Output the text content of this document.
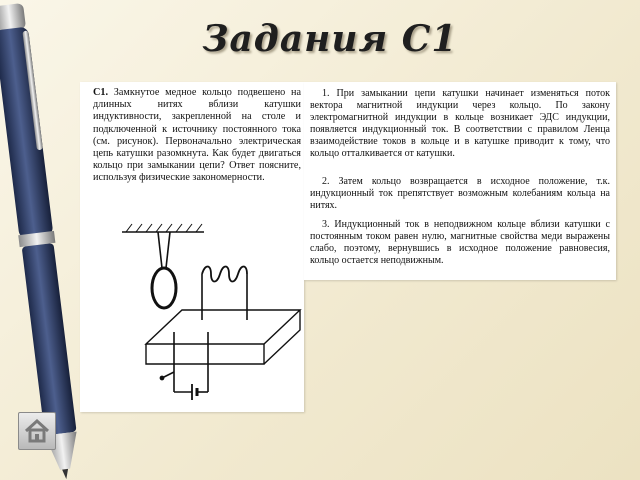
Задания С1
С1. Замкнутое медное кольцо подвешено на длинных нитях вблизи катушки индуктивности, закрепленной на столе и подключенной к источнику постоянного тока (см. рисунок). Первоначально электрическая цепь катушки разомкнута. Как будет двигаться кольцо при замыкании цепи? Ответ поясните, используя физические закономерности.
1. При замыкании цепи катушки начинает изменяться поток вектора магнитной индукции через кольцо. По закону электромагнитной индукции в кольце возникает ЭДС индукции, появляется индукционный ток. В соответствии с правилом Ленца взаимодействие токов в кольце и в катушке приводит к тому, что кольцо отталкивается от катушки.
2. Затем кольцо возвращается в исходное положение, т.к. индукционный ток препятствует возможным колебаниям кольца на нитях.
3. Индукционный ток в неподвижном кольце вблизи катушки с постоянным током равен нулю, магнитные свойства меди выражены слабо, поэтому, вернувшись в исходное положение равновесия, кольцо остается неподвижным.
